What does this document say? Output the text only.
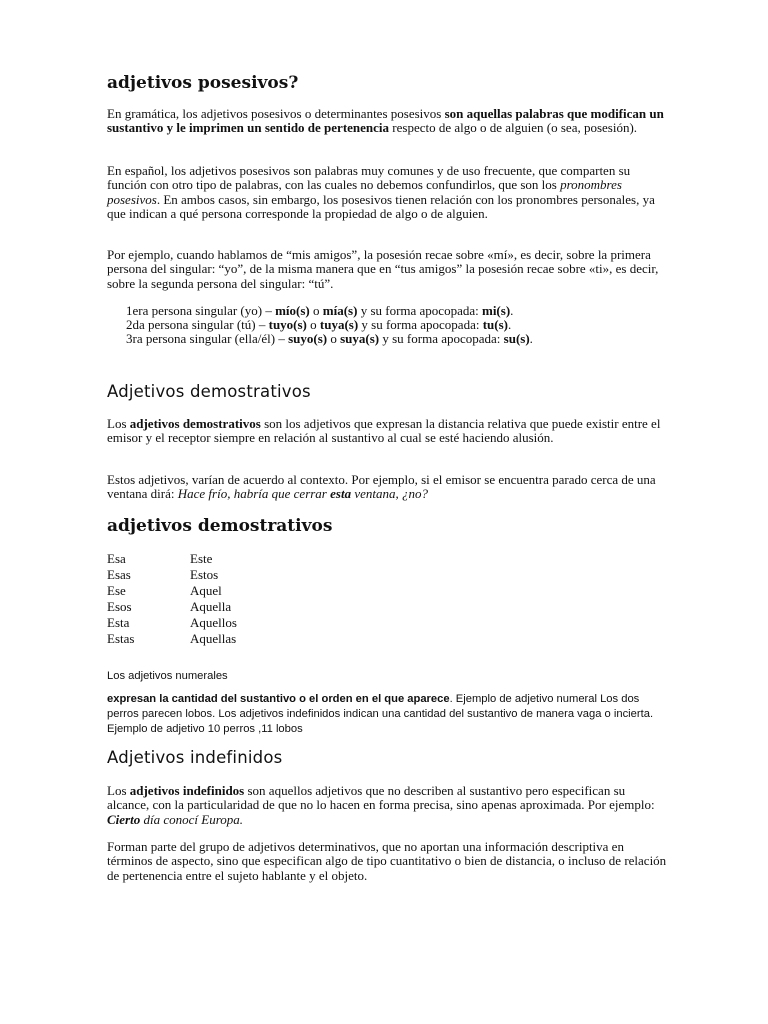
adjetivos posesivos?

En gramática, los adjetivos posesivos o determinantes posesivos son aquellas palabras que modifican un sustantivo y le imprimen un sentido de pertenencia respecto de algo o de alguien (o sea, posesión).

En español, los adjetivos posesivos son palabras muy comunes y de uso frecuente, que comparten su función con otro tipo de palabras, con las cuales no debemos confundirlos, que son los pronombres posesivos. En ambos casos, sin embargo, los posesivos tienen relación con los pronombres personales, ya que indican a qué persona corresponde la propiedad de algo o de alguien.

Por ejemplo, cuando hablamos de “mis amigos”, la posesión recae sobre «mí», es decir, sobre la primera persona del singular: “yo”, de la misma manera que en “tus amigos” la posesión recae sobre «ti», es decir, sobre la segunda persona del singular: “tú”.

1era persona singular (yo) – mío(s) o mía(s) y su forma apocopada: mi(s).
2da persona singular (tú) – tuyo(s) o tuya(s) y su forma apocopada: tu(s).
3ra persona singular (ella/él) – suyo(s) o suya(s) y su forma apocopada: su(s).
Adjetivos demostrativos

Los adjetivos demostrativos son los adjetivos que expresan la distancia relativa que puede existir entre el emisor y el receptor siempre en relación al sustantivo al cual se esté haciendo alusión.

Estos adjetivos, varían de acuerdo al contexto. Por ejemplo, si el emisor se encuentra parado cerca de una ventana dirá: Hace frío, habría que cerrar esta ventana, ¿no?

adjetivos demostrativos
Esa	Este
Esas	Estos
Ese	Aquel
Esos	Aquella
Esta	Aquellos
Estas	Aquellas

Los adjetivos numerales

expresan la cantidad del sustantivo o el orden en el que aparece. Ejemplo de adjetivo numeral Los dos perros parecen lobos. Los adjetivos indefinidos indican una cantidad del sustantivo de manera vaga o incierta. Ejemplo de adjetivo 10 perros ,11 lobos

Adjetivos indefinidos

Los adjetivos indefinidos son aquellos adjetivos que no describen al sustantivo pero especifican su alcance, con la particularidad de que no lo hacen en forma precisa, sino apenas aproximada. Por ejemplo: Cierto día conocí Europa.

Forman parte del grupo de adjetivos determinativos, que no aportan una información descriptiva en términos de aspecto, sino que especifican algo de tipo cuantitativo o bien de distancia, o incluso de relación de pertenencia entre el sujeto hablante y el objeto.
